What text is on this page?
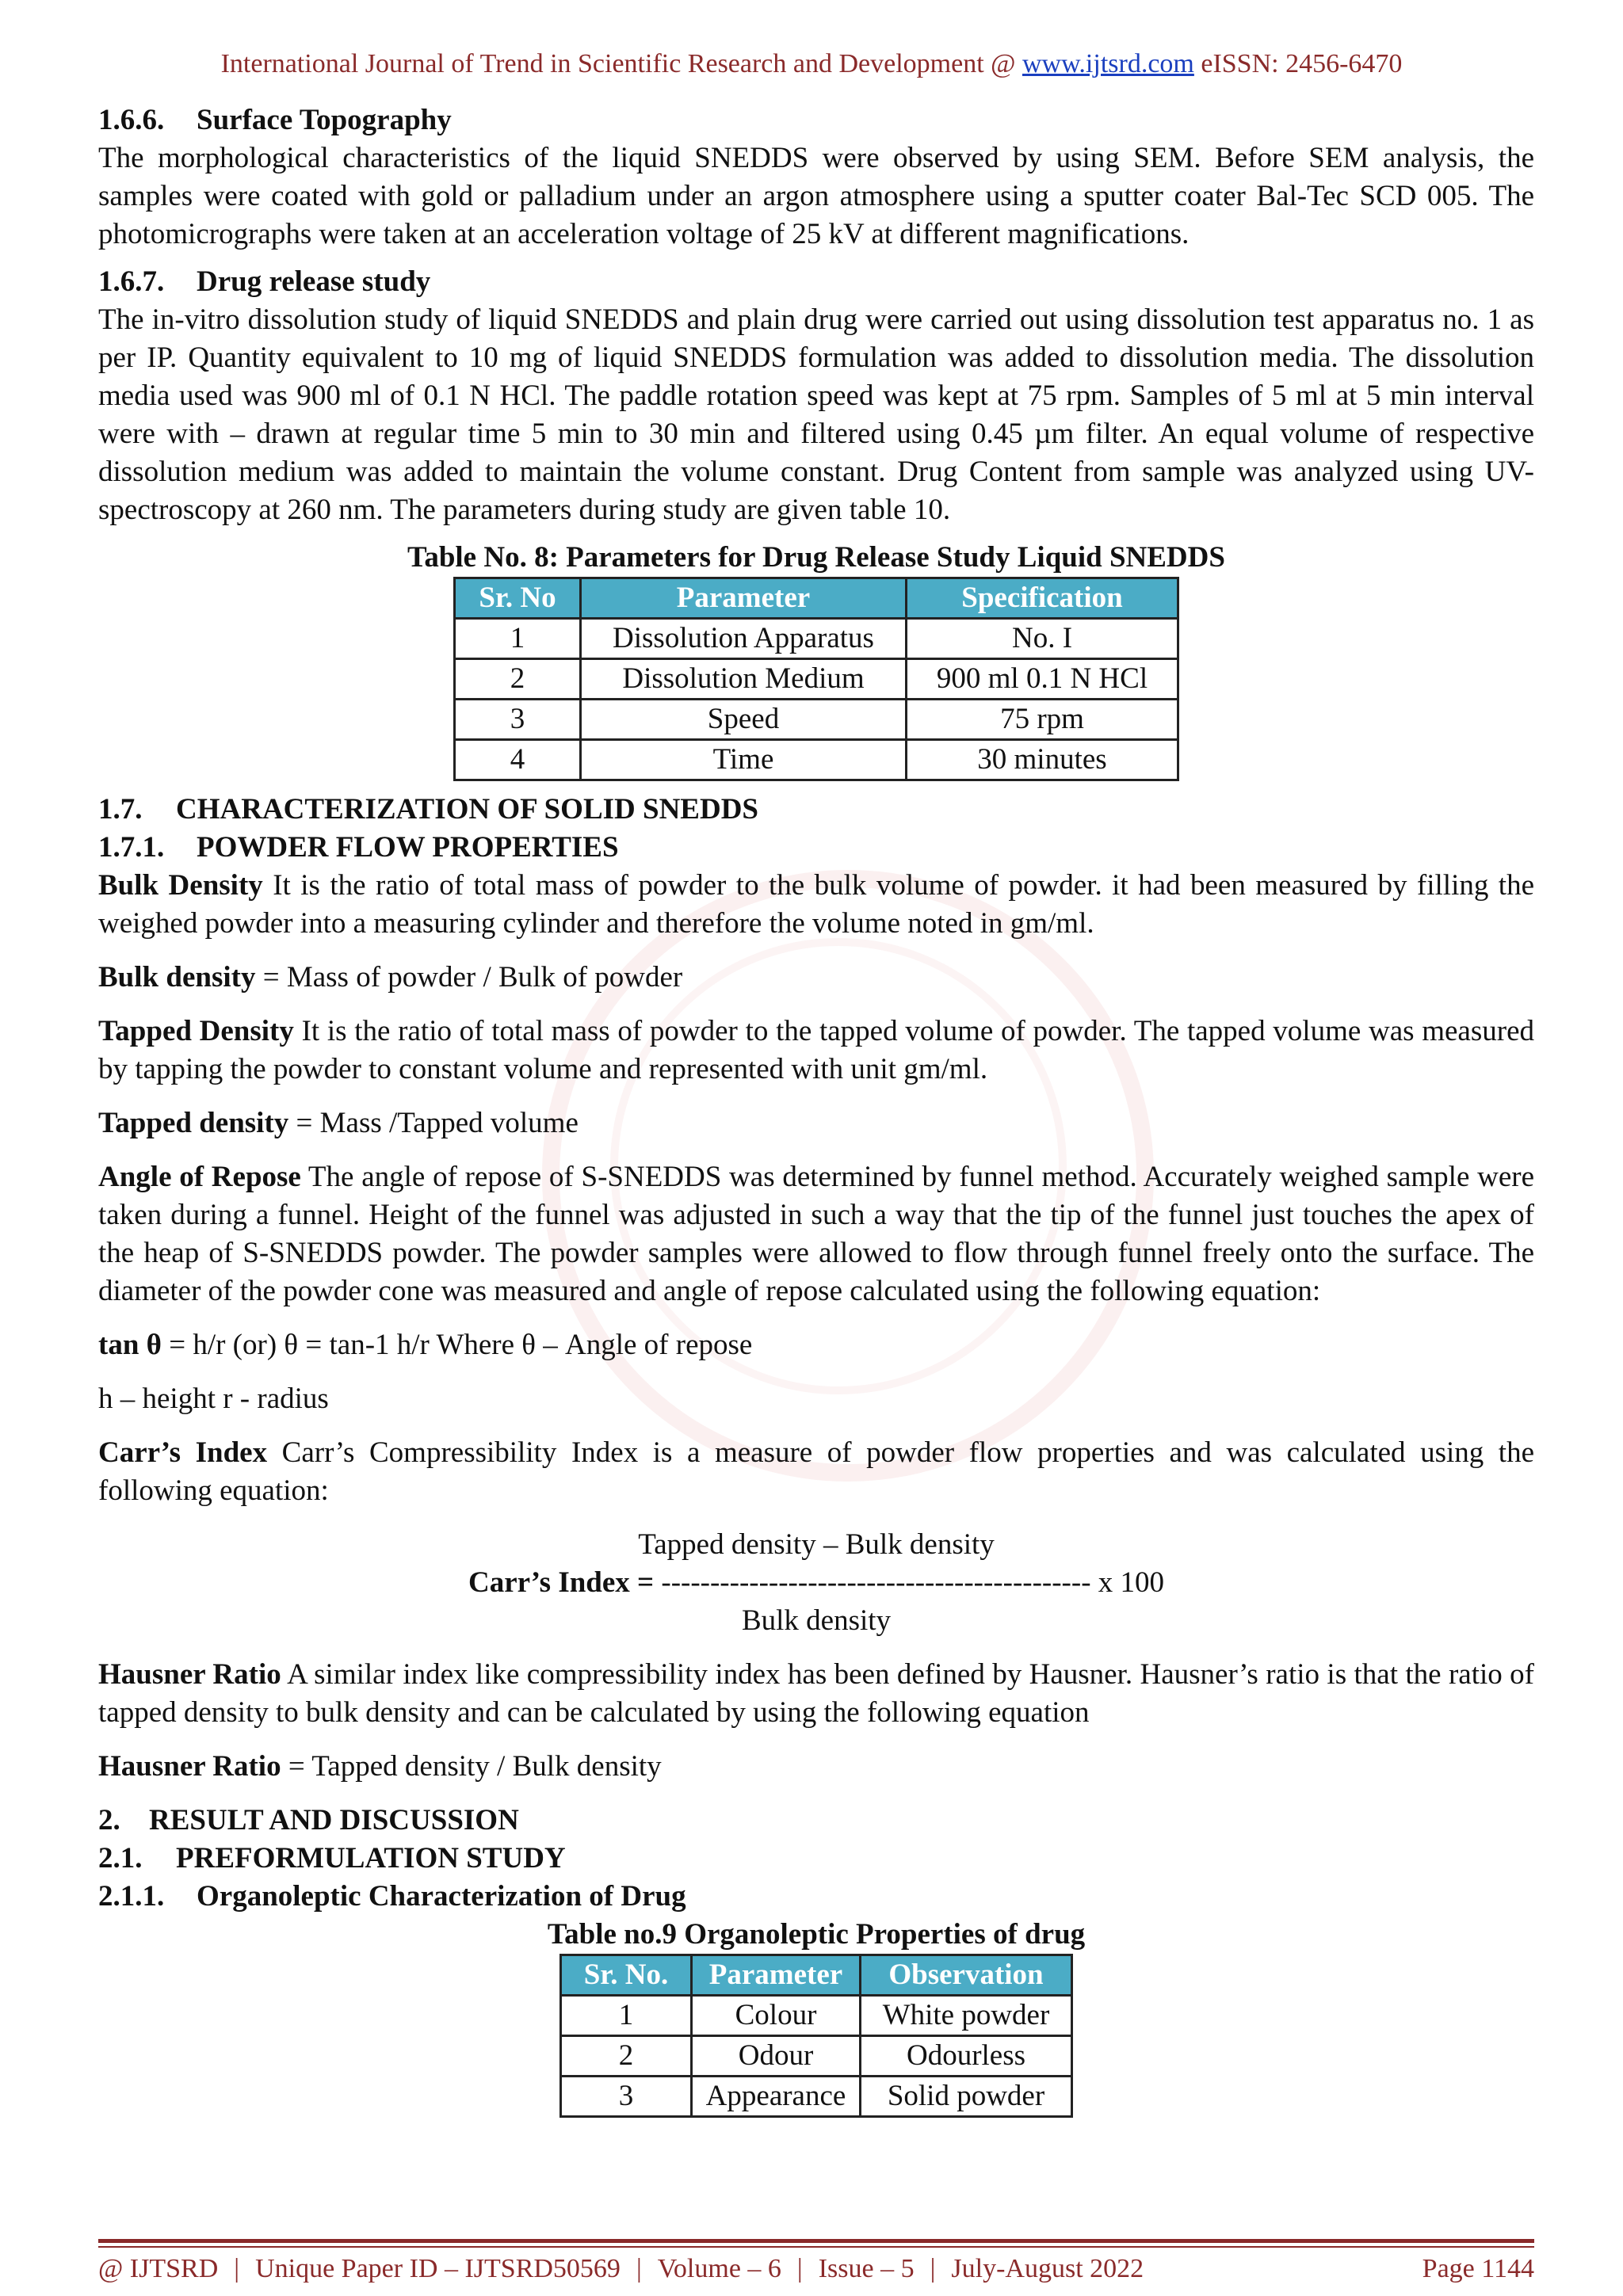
International Journal of Trend in Scientific Research and Development @ www.ijtsrd.com eISSN: 2456-6470
1.6.6. Surface Topography

The morphological characteristics of the liquid SNEDDS were observed by using SEM. Before SEM analysis, the samples were coated with gold or palladium under an argon atmosphere using a sputter coater Bal-Tec SCD 005. The photomicrographs were taken at an acceleration voltage of 25 kV at different magnifications.

1.6.7. Drug release study

The in-vitro dissolution study of liquid SNEDDS and plain drug were carried out using dissolution test apparatus no. 1 as per IP. Quantity equivalent to 10 mg of liquid SNEDDS formulation was added to dissolution media. The dissolution media used was 900 ml of 0.1 N HCl. The paddle rotation speed was kept at 75 rpm. Samples of 5 ml at 5 min interval were with – drawn at regular time 5 min to 30 min and filtered using 0.45 µm filter. An equal volume of respective dissolution medium was added to maintain the volume constant. Drug Content from sample was analyzed using UV-spectroscopy at 260 nm. The parameters during study are given table 10.

Table No. 8: Parameters for Drug Release Study Liquid SNEDDS
Sr. No	Parameter	Specification
1	Dissolution Apparatus	No. I
2	Dissolution Medium	900 ml 0.1 N HCl
3	Speed	75 rpm
4	Time	30 minutes
1.7. CHARACTERIZATION OF SOLID SNEDDS
1.7.1. POWDER FLOW PROPERTIES

Bulk Density It is the ratio of total mass of powder to the bulk volume of powder. it had been measured by filling the weighed powder into a measuring cylinder and therefore the volume noted in gm/ml.

Bulk density = Mass of powder / Bulk of powder

Tapped Density It is the ratio of total mass of powder to the tapped volume of powder. The tapped volume was measured by tapping the powder to constant volume and represented with unit gm/ml.

Tapped density = Mass /Tapped volume

Angle of Repose The angle of repose of S-SNEDDS was determined by funnel method. Accurately weighed sample were taken during a funnel. Height of the funnel was adjusted in such a way that the tip of the funnel just touches the apex of the heap of S-SNEDDS powder. The powder samples were allowed to flow through funnel freely onto the surface. The diameter of the powder cone was measured and angle of repose calculated using the following equation:

tan θ = h/r (or) θ = tan-1 h/r Where θ – Angle of repose

h – height r - radius

Carr’s Index Carr’s Compressibility Index is a measure of powder flow properties and was calculated using the following equation:

Tapped density – Bulk density
Carr’s Index = -------------------------------------------- x 100
Bulk density

Hausner Ratio A similar index like compressibility index has been defined by Hausner. Hausner’s ratio is that the ratio of tapped density to bulk density and can be calculated by using the following equation

Hausner Ratio = Tapped density / Bulk density

2. RESULT AND DISCUSSION
2.1. PREFORMULATION STUDY
2.1.1. Organoleptic Characterization of Drug
Table no.9 Organoleptic Properties of drug
Sr. No.	Parameter	Observation
1	Colour	White powder
2	Odour	Odourless
3	Appearance	Solid powder
@ IJTSRD | Unique Paper ID – IJTSRD50569 | Volume – 6 | Issue – 5 | July-August 2022	Page 1144
